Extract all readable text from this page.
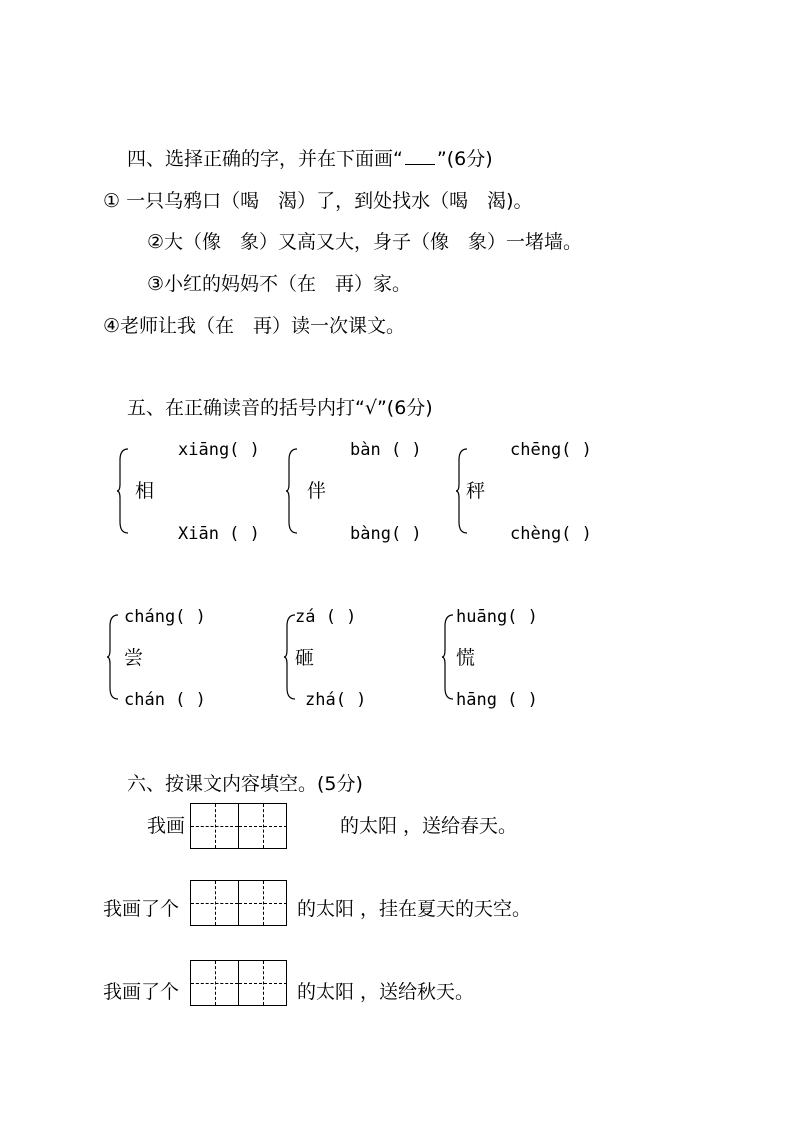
四、选择正确的字，并在下面画“ ”(6分)
① 一只乌鸦口（喝　渴）了，到处找水（喝　渴)。
②大（像　象）又高又大，身子（像　象）一堵墙。
③小红的妈妈不（在　再）家。
④老师让我（在　再）读一次课文。
五、在正确读音的括号内打“√”(6分)
xiāng( )
相
Xiān ( )
bàn ( )
伴
bàng( )
chēng( )
秤
chèng( )
cháng( )
尝
chán ( )
zá ( )
砸
zhá( )
huāng( )
慌
hāng ( )
六、按课文内容填空。(5分)
我画	的太阳 ，送给春天。
我画了个	的太阳 ，挂在夏天的天空。
我画了个	的太阳 ，送给秋天。
